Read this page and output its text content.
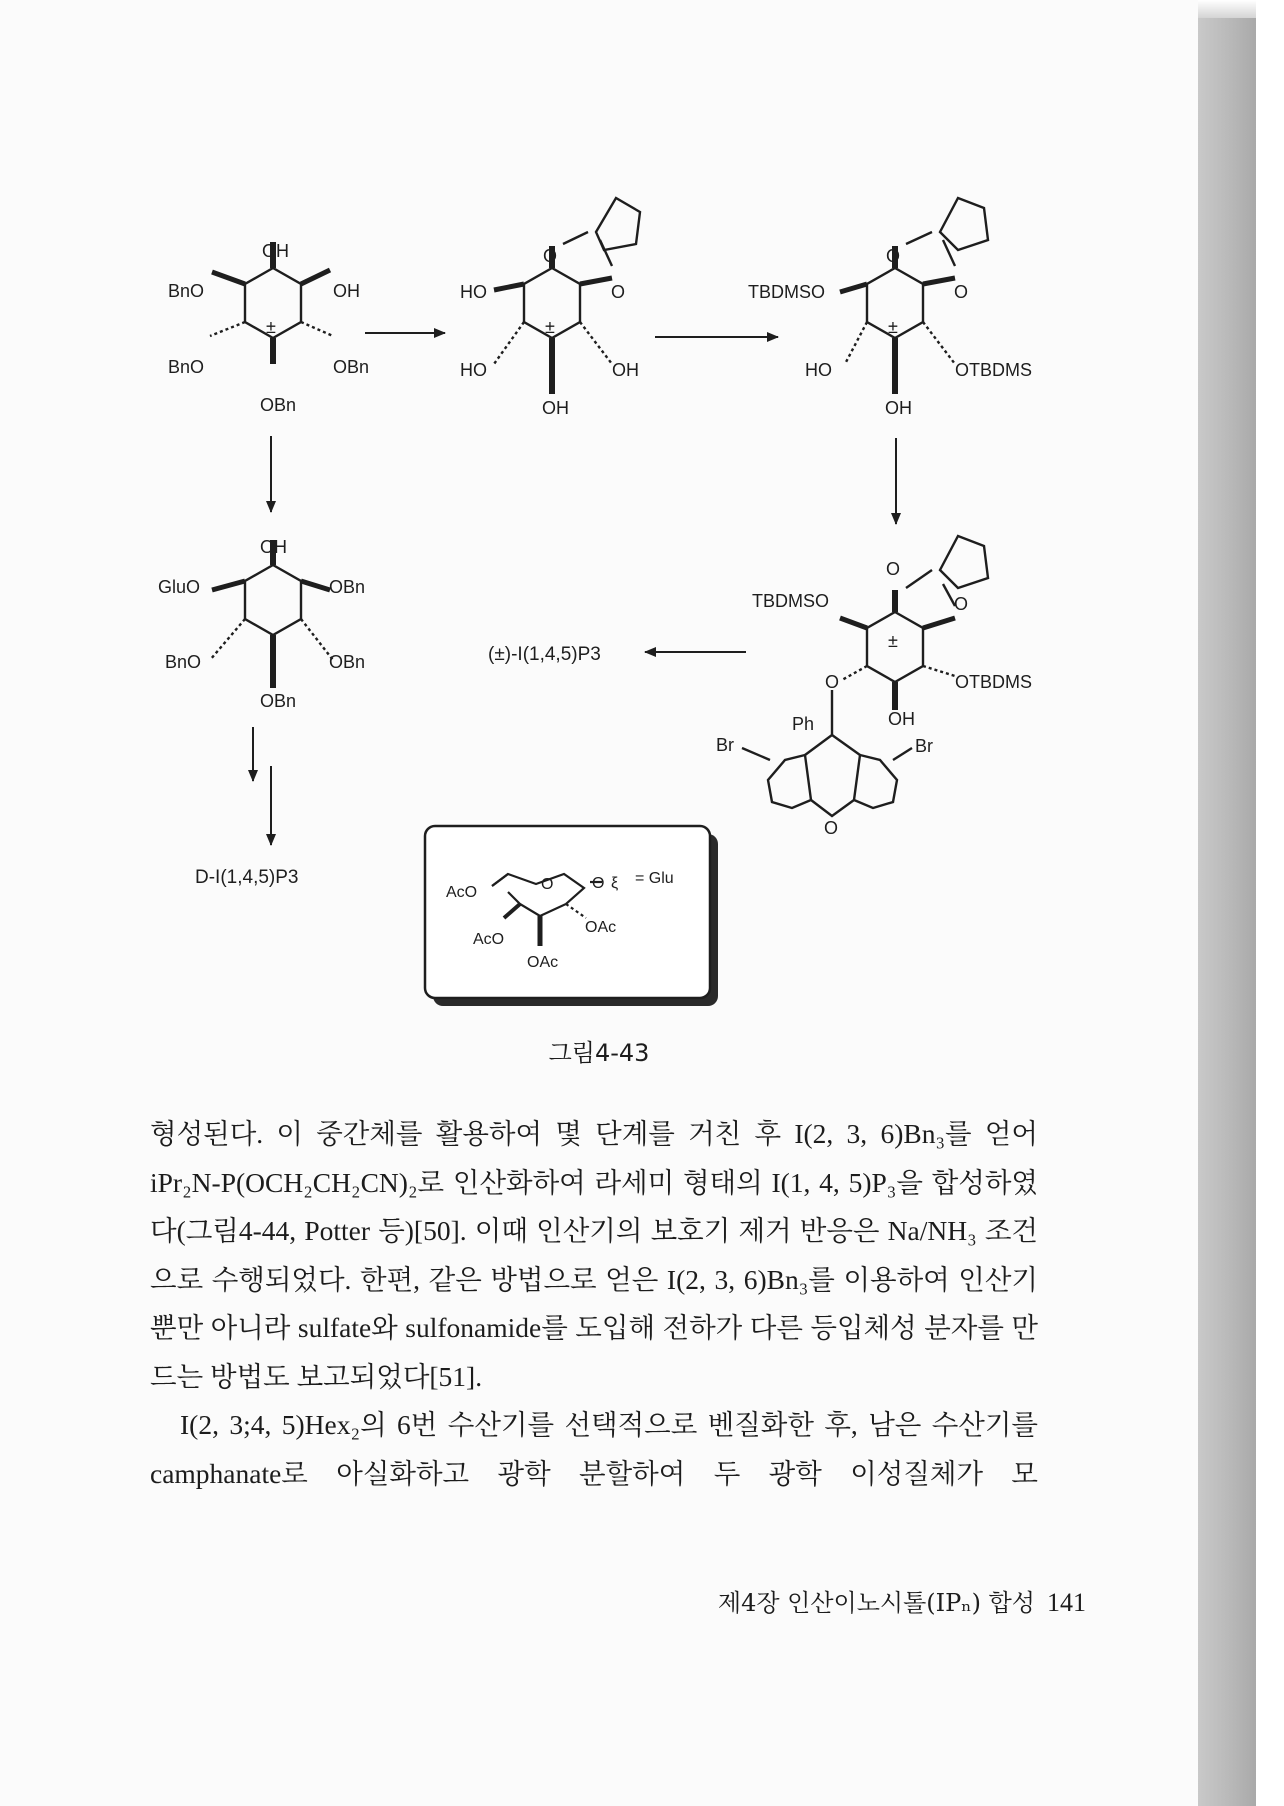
OH
BnO	OH
±
BnO	OBn
OBn
O
O
HO
±
HO	OH
OH
O
O
TBDMSO
±
HO	OTBDMS
OH
OH
GluO	OBn
BnO	OBn
OBn
D-I(1,4,5)P3
O
O
TBDMSO
±
O	OTBDMS
OH
Ph
Br	Br
O
(±)-I(1,4,5)P3
AcO	O O ξ = Glu
AcO
OAc
OAc
그림4-43

형성된다. 이 중간체를 활용하여 몇 단계를 거친 후 I(2, 3, 6)Bn₃를 얻어 iPr₂N-P(OCH₂CH₂CN)₂로 인산화하여 라세미 형태의 I(1, 4, 5)P₃을 합성하였다(그림4-44, Potter 등)[50]. 이때 인산기의 보호기 제거 반응은 Na/NH₃ 조건으로 수행되었다. 한편, 같은 방법으로 얻은 I(2, 3, 6)Bn₃를 이용하여 인산기뿐만 아니라 sulfate와 sulfonamide를 도입해 전하가 다른 등입체성 분자를 만드는 방법도 보고되었다[51].

I(2, 3;4, 5)Hex₂의 6번 수산기를 선택적으로 벤질화한 후, 남은 수산기를 camphanate로 아실화하고 광학 분할하여 두 광학 이성질체가 모

제4장 인산이노시톨(IPₙ) 합성 141
